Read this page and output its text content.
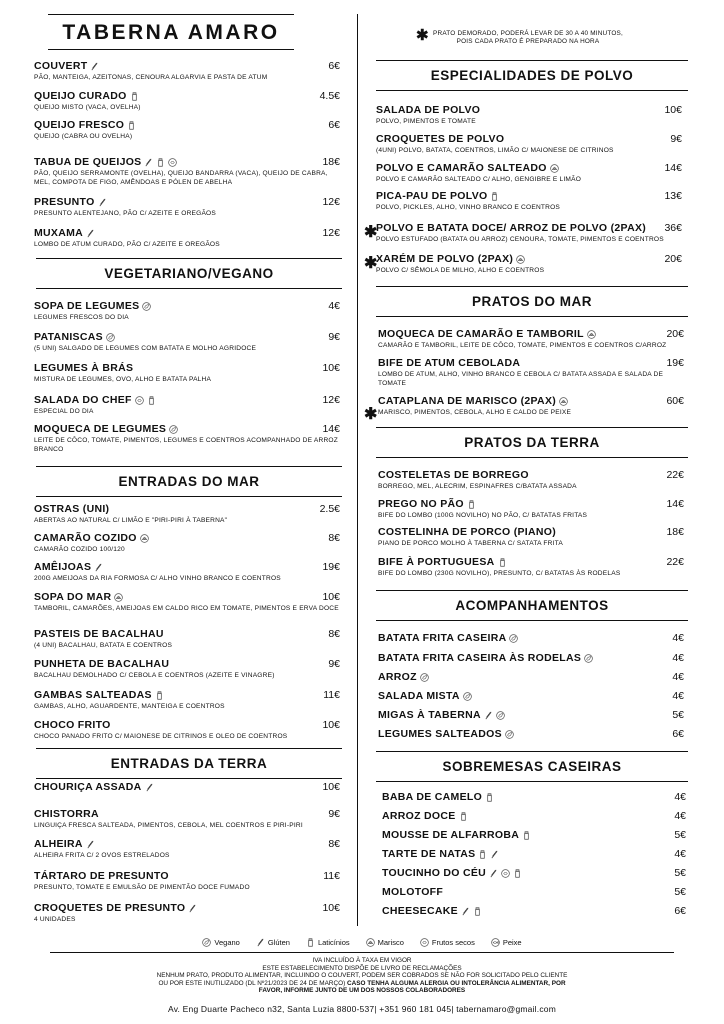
TABERNA AMARO	✱ PRATO DEMORADO, PODERÁ LEVAR DE 30 A 40 MINUTOS,
POIS CADA PRATO É PREPARADO NA HORA
COUVERT	6€
PÃO, MANTEIGA, AZEITONAS, CENOURA ALGARVIA E PASTA DE ATUM
QUEIJO CURADO	4.5€
QUEIJO MISTO (VACA, OVELHA)
QUEIJO FRESCO	6€
QUEIJO (CABRA OU OVELHA)
TABUA DE QUEIJOS	18€
PÃO, QUEIJO SERRAMONTE (OVELHA), QUEIJO BANDARRA (VACA), QUEIJO DE CABRA, MEL, COMPOTA DE FIGO, AMÊNDOAS E PÓLEN DE ABELHA
PRESUNTO	12€
PRESUNTO ALENTEJANO, PÃO C/ AZEITE E OREGÃOS
MUXAMA	12€
LOMBO DE ATUM CURADO, PÃO C/ AZEITE E OREGÃOS
VEGETARIANO/VEGANO
SOPA DE LEGUMES	4€
LEGUMES FRESCOS DO DIA
PATANISCAS	9€
(5 UNI) SALGADO DE LEGUMES COM BATATA E MOLHO AGRIDOCE
LEGUMES À BRÁS	10€
MISTURA DE LEGUMES, OVO, ALHO E BATATA PALHA
SALADA DO CHEF	12€
ESPECIAL DO DIA
MOQUECA DE LEGUMES	14€
LEITE DE CÔCO, TOMATE, PIMENTOS, LEGUMES E COENTROS ACOMPANHADO DE ARROZ BRANCO
ENTRADAS DO MAR
OSTRAS (UNI)	2.5€
ABERTAS AO NATURAL C/ LIMÃO E "PIRI-PIRI À TABERNA"
CAMARÃO COZIDO	8€
CAMARÃO COZIDO 100/120
AMÊIJOAS	19€
200G AMEIJOAS DA RIA FORMOSA C/ ALHO VINHO BRANCO E COENTROS
SOPA DO MAR	10€
TAMBORIL, CAMARÕES, AMEIJOAS EM CALDO RICO EM TOMATE, PIMENTOS E ERVA DOCE
PASTEIS DE BACALHAU	8€
(4 UNI) BACALHAU, BATATA E COENTROS
PUNHETA DE BACALHAU	9€
BACALHAU DEMOLHADO C/ CEBOLA E COENTROS (AZEITE E VINAGRE)
GAMBAS SALTEADAS	11€
GAMBAS, ALHO, AGUARDENTE, MANTEIGA E COENTROS
CHOCO FRITO	10€
CHOCO PANADO FRITO C/ MAIONESE DE CITRINOS E OLEO DE COENTROS
ENTRADAS DA TERRA
CHOURIÇA ASSADA	10€
CHISTORRA	9€
LINGUIÇA FRESCA SALTEADA, PIMENTOS, CEBOLA, MEL COENTROS E PIRI-PIRI
ALHEIRA	8€
ALHEIRA FRITA C/ 2 OVOS ESTRELADOS
TÁRTARO DE PRESUNTO	11€
PRESUNTO, TOMATE E EMULSÃO DE PIMENTÃO DOCE FUMADO
CROQUETES DE PRESUNTO	10€
4 UNIDADES
ESPECIALIDADES DE POLVO
SALADA DE POLVO	10€
POLVO, PIMENTOS E TOMATE
CROQUETES DE POLVO	9€
(4UNI) POLVO, BATATA, COENTROS, LIMÃO C/ MAIONESE DE CITRINOS
POLVO E CAMARÃO SALTEADO	14€
POLVO E CAMARÃO SALTEADO C/ ALHO, GENGIBRE E LIMÃO
PICA-PAU DE POLVO	13€
POLVO, PICKLES, ALHO, VINHO BRANCO E COENTROS
✱
POLVO E BATATA DOCE/ ARROZ DE POLVO (2PAX) 36€
POLVO ESTUFADO (BATATA OU ARROZ) CENOURA, TOMATE, PIMENTOS E COENTROS
✱
XARÉM DE POLVO (2PAX)	20€
POLVO C/ SÊMOLA DE MILHO, ALHO E COENTROS
PRATOS DO MAR
MOQUECA DE CAMARÃO E TAMBORIL	20€
CAMARÃO E TAMBORIL, LEITE DE CÔCO, TOMATE, PIMENTOS E COENTROS C/ARROZ
BIFE DE ATUM CEBOLADA	19€
LOMBO DE ATUM, ALHO, VINHO BRANCO E CEBOLA C/ BATATA ASSADA E SALADA DE TOMATE
✱
CATAPLANA DE MARISCO (2PAX)	60€
MARISCO, PIMENTOS, CEBOLA, ALHO E CALDO DE PEIXE
PRATOS DA TERRA
COSTELETAS DE BORREGO	22€
BORREGO, MEL, ALECRIM, ESPINAFRES C/BATATA ASSADA
PREGO NO PÃO	14€
BIFE DO LOMBO (100G NOVILHO) NO PÃO, C/ BATATAS FRITAS
COSTELINHA DE PORCO (PIANO)	18€
PIANO DE PORCO MOLHO À TABERNA C/ SATATA FRITA
BIFE À PORTUGUESA	22€
BIFE DO LOMBO (230G NOVILHO), PRESUNTO, C/ BATATAS ÀS RODELAS
ACOMPANHAMENTOS
BATATA FRITA CASEIRA	4€
BATATA FRITA CASEIRA ÀS RODELAS	4€
ARROZ	4€
SALADA MISTA	4€
MIGAS À TABERNA	5€
LEGUMES SALTEADOS	6€
SOBREMESAS CASEIRAS
BABA DE CAMELO	4€
ARROZ DOCE	4€
MOUSSE DE ALFARROBA	5€
TARTE DE NATAS	4€
TOUCINHO DO CÉU	5€
MOLOTOFF	5€
CHEESECAKE	6€
Vegano	Glúten	Laticínios	Marisco	Frutos secos	Peixe
IVA INCLUÍDO À TAXA EM VIGOR
ESTE ESTABELECIMENTO DISPÕE DE LIVRO DE RECLAMAÇÕES
NENHUM PRATO, PRODUTO ALIMENTAR, INCLUINDO O COUVERT, PODEM SER COBRADOS SE NÃO FOR SOLICITADO PELO CLIENTE
OU POR ESTE INUTILIZADO (DL Nº21/2023 DE 24 DE MARÇO) CASO TENHA ALGUMA ALERGIA OU INTOLERÂNCIA ALIMENTAR, POR
FAVOR, INFORME JUNTO DE UM DOS NOSSOS COLABORADORES
Av. Eng Duarte Pacheco n32, Santa Luzia 8800-537| +351 960 181 045| tabernamaro@gmail.com
